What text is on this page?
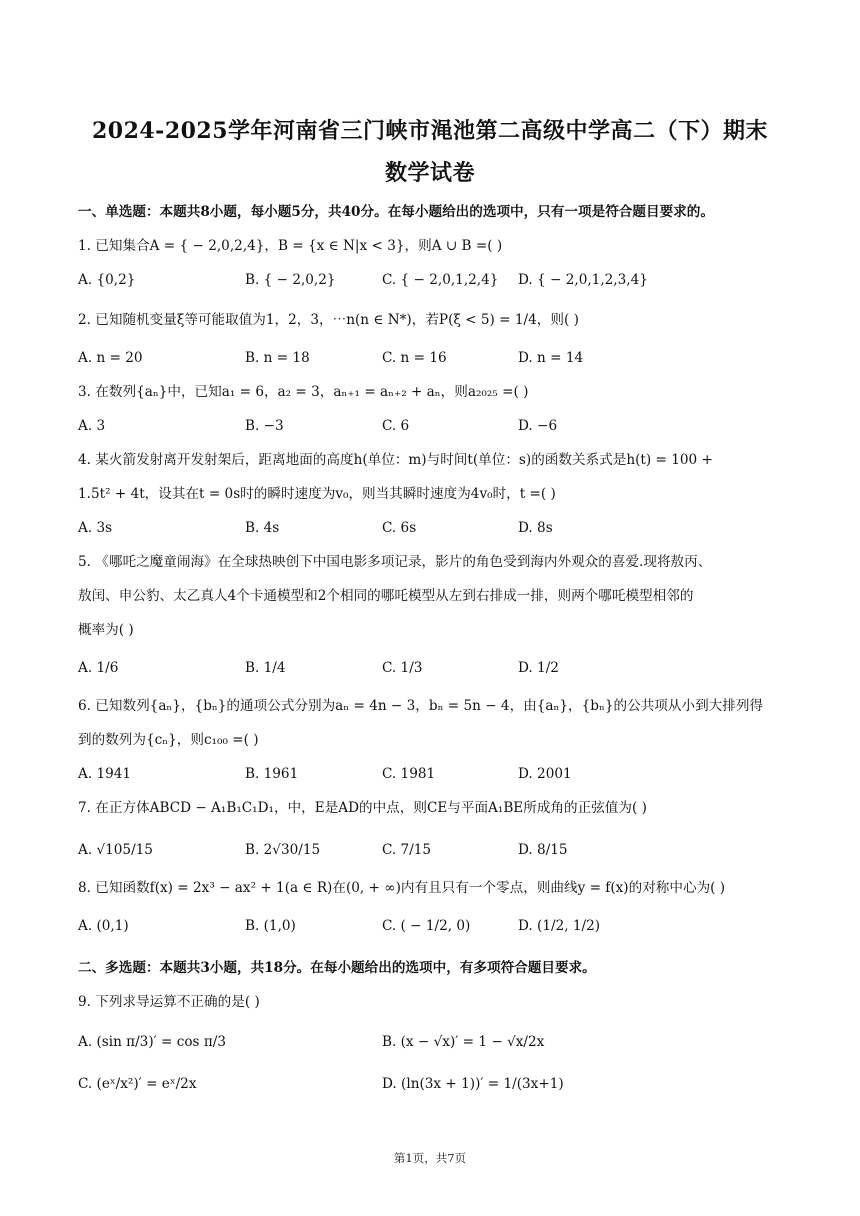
2024-2025学年河南省三门峡市渑池第二高级中学高二（下）期末
数学试卷
一、单选题：本题共8小题，每小题5分，共40分。在每小题给出的选项中，只有一项是符合题目要求的。
1. 已知集合A = { − 2,0,2,4}，B = {x ∈ N|x < 3}，则A ∪ B =( )
A. {0,2}	B. { − 2,0,2}	C. { − 2,0,1,2,4} D. { − 2,0,1,2,3,4}
2. 已知随机变量ξ等可能取值为1，2，3，⋯n(n ∈ N*)，若P(ξ < 5) = 1/4，则( )
A. n = 20	B. n = 18	C. n = 16	D. n = 14
3. 在数列{aₙ}中，已知a₁ = 6，a₂ = 3，aₙ₊₁ = aₙ₊₂ + aₙ，则a₂₀₂₅ =( )
A. 3	B. −3	C. 6	D. −6
4. 某火箭发射离开发射架后，距离地面的高度h(单位：m)与时间t(单位：s)的函数关系式是h(t) = 100 +
1.5t² + 4t，设其在t = 0s时的瞬时速度为v₀，则当其瞬时速度为4v₀时，t =( )
A. 3s	B. 4s	C. 6s	D. 8s
5. 《哪吒之魔童闹海》在全球热映创下中国电影多项记录，影片的角色受到海内外观众的喜爱.现将敖丙、
敖闰、申公豹、太乙真人4个卡通模型和2个相同的哪吒模型从左到右排成一排，则两个哪吒模型相邻的
概率为( )
A. 1/6	B. 1/4	C. 1/3	D. 1/2
6. 已知数列{aₙ}，{bₙ}的通项公式分别为aₙ = 4n − 3，bₙ = 5n − 4，由{aₙ}，{bₙ}的公共项从小到大排列得
到的数列为{cₙ}，则c₁₀₀ =( )
A. 1941	B. 1961	C. 1981	D. 2001
7. 在正方体ABCD − A₁B₁C₁D₁，中，E是AD的中点，则CE与平面A₁BE所成角的正弦值为( )
A. √105/15	B. 2√30/15	C. 7/15	D. 8/15
8. 已知函数f(x) = 2x³ − ax² + 1(a ∈ R)在(0, + ∞)内有且只有一个零点，则曲线y = f(x)的对称中心为( )
A. (0,1)	B. (1,0)	C. ( − 1/2, 0)	D. (1/2, 1/2)
二、多选题：本题共3小题，共18分。在每小题给出的选项中，有多项符合题目要求。
9. 下列求导运算不正确的是( )
A. (sin π/3)′ = cos π/3	B. (x − √x)′ = 1 − √x/2x
C. (eˣ/x²)′ = eˣ/2x	D. (ln(3x + 1))′ = 1/(3x+1)
第1页，共7页
